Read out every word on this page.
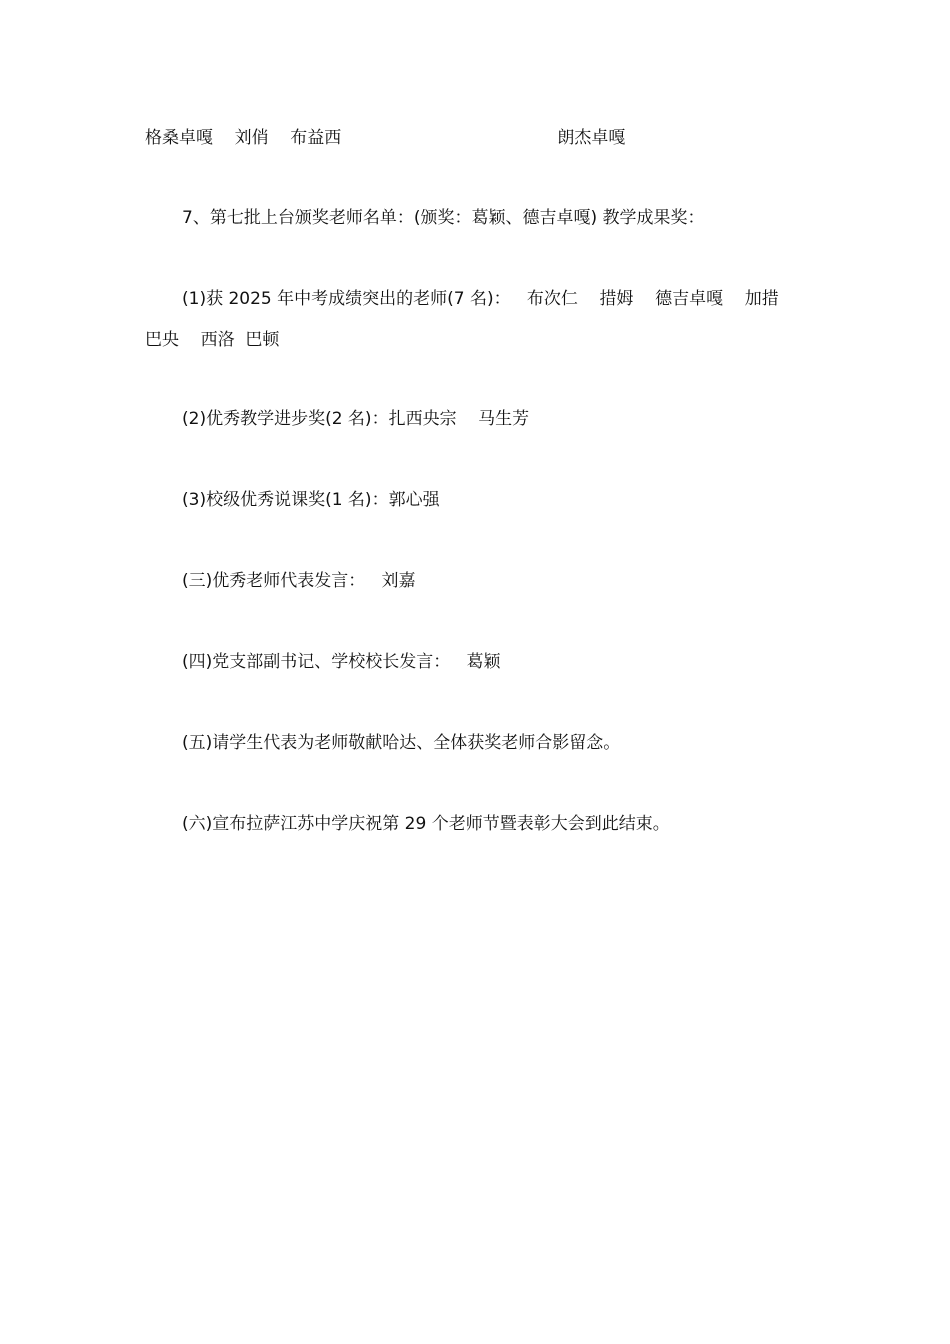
格桑卓嘎    刘俏    布益西                                        朗杰卓嘎
7、第七批上台颁奖老师名单：(颁奖：葛颖、德吉卓嘎) 教学成果奖：
(1)获 2025 年中考成绩突出的老师(7 名)：   布次仁    措姆    德吉卓嘎    加措
巴央    西洛  巴顿
(2)优秀教学进步奖(2 名)：扎西央宗    马生芳
(3)校级优秀说课奖(1 名)：郭心强
(三)优秀老师代表发言：   刘嘉
(四)党支部副书记、学校校长发言：   葛颖
(五)请学生代表为老师敬献哈达、全体获奖老师合影留念。
(六)宣布拉萨江苏中学庆祝第 29 个老师节暨表彰大会到此结束。
